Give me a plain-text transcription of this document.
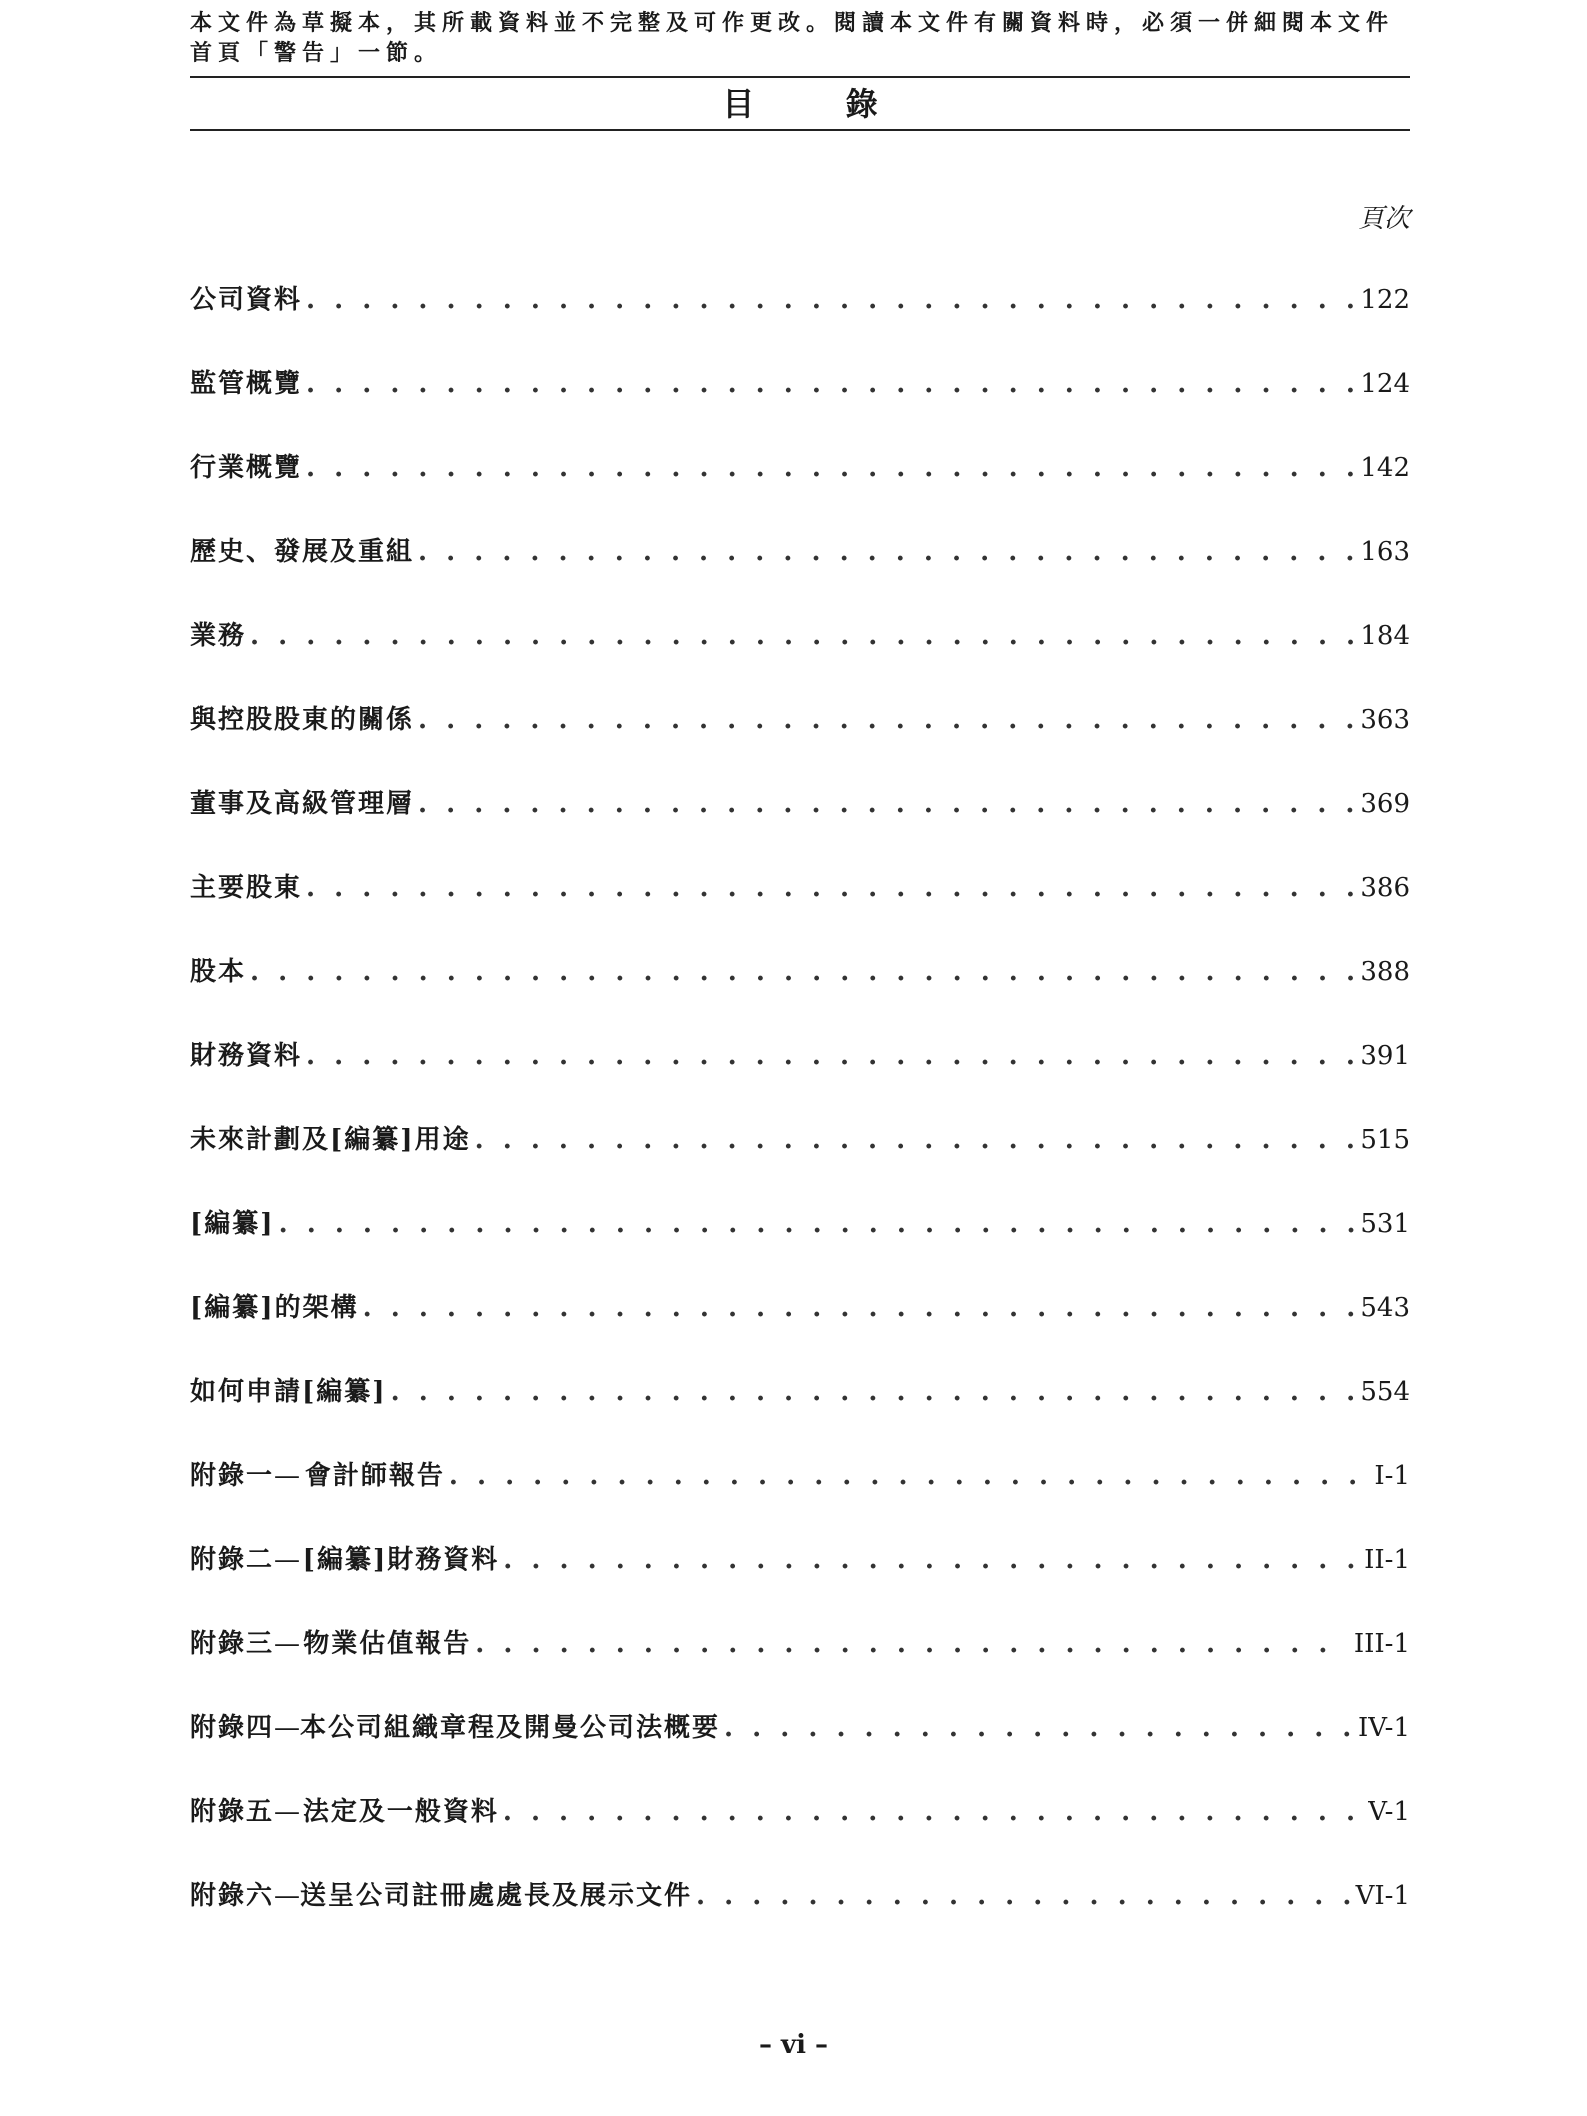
本文件為草擬本，其所載資料並不完整及可作更改。閱讀本文件有關資料時，必須一併細閱本文件首頁「警告」一節。
目 錄
頁次
公司資料 . . .	122
監管概覽 . . .	124
行業概覽 . . .	142
歷史、發展及重組 . . .	163
業務 . . .	184
與控股股東的關係 . . .	363
董事及高級管理層 . . .	369
主要股東 . . .	386
股本 . . .	388
財務資料 . . .	391
未來計劃及[編纂]用途 . . .	515
[編纂] . . .	531
[編纂]的架構 . . .	543
如何申請[編纂] . . .	554
附錄一 — 會計師報告 . . .	I-1
附錄二 — [編纂]財務資料 . . .	II-1
附錄三 — 物業估值報告 . . .	III-1
附錄四 — 本公司組織章程及開曼公司法概要 . . .	IV-1
附錄五 — 法定及一般資料 . . .	V-1
附錄六 — 送呈公司註冊處處長及展示文件 . . .	VI-1
– vi –
